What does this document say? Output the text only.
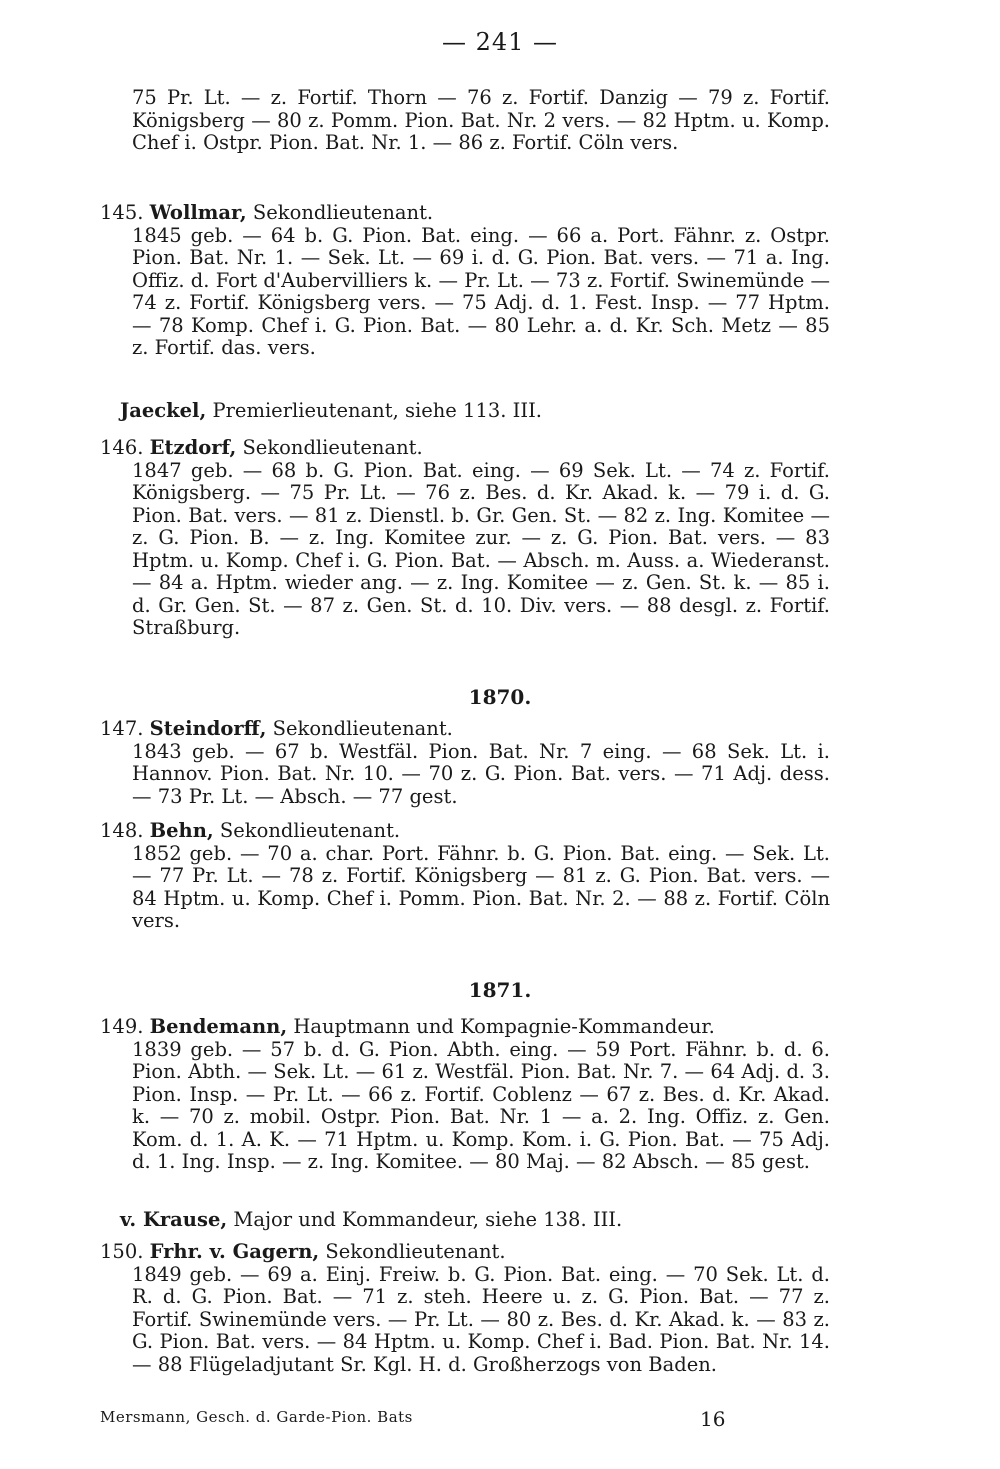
— 241 —
75 Pr. Lt. — z. Fortif. Thorn — 76 z. Fortif. Danzig — 79 z. Fortif. Königsberg — 80 z. Pomm. Pion. Bat. Nr. 2 vers. — 82 Hptm. u. Komp. Chef i. Ostpr. Pion. Bat. Nr. 1. — 86 z. Fortif. Cöln vers.
145. Wollmar, Sekondlieutenant.
1845 geb. — 64 b. G. Pion. Bat. eing. — 66 a. Port. Fähnr. z. Ostpr. Pion. Bat. Nr. 1. — Sek. Lt. — 69 i. d. G. Pion. Bat. vers. — 71 a. Ing. Offiz. d. Fort d'Aubervilliers k. — Pr. Lt. — 73 z. Fortif. Swinemünde — 74 z. Fortif. Königsberg vers. — 75 Adj. d. 1. Fest. Insp. — 77 Hptm. — 78 Komp. Chef i. G. Pion. Bat. — 80 Lehr. a. d. Kr. Sch. Metz — 85 z. Fortif. das. vers.
Jaeckel, Premierlieutenant, siehe 113. III.
146. Etzdorf, Sekondlieutenant.
1847 geb. — 68 b. G. Pion. Bat. eing. — 69 Sek. Lt. — 74 z. Fortif. Königsberg. — 75 Pr. Lt. — 76 z. Bes. d. Kr. Akad. k. — 79 i. d. G. Pion. Bat. vers. — 81 z. Dienstl. b. Gr. Gen. St. — 82 z. Ing. Komitee — z. G. Pion. B. — z. Ing. Komitee zur. — z. G. Pion. Bat. vers. — 83 Hptm. u. Komp. Chef i. G. Pion. Bat. — Absch. m. Auss. a. Wiederanst. — 84 a. Hptm. wieder ang. — z. Ing. Komitee — z. Gen. St. k. — 85 i. d. Gr. Gen. St. — 87 z. Gen. St. d. 10. Div. vers. — 88 desgl. z. Fortif. Straßburg.
1870.
147. Steindorff, Sekondlieutenant.
1843 geb. — 67 b. Westfäl. Pion. Bat. Nr. 7 eing. — 68 Sek. Lt. i. Hannov. Pion. Bat. Nr. 10. — 70 z. G. Pion. Bat. vers. — 71 Adj. dess. — 73 Pr. Lt. — Absch. — 77 gest.
148. Behn, Sekondlieutenant.
1852 geb. — 70 a. char. Port. Fähnr. b. G. Pion. Bat. eing. — Sek. Lt. — 77 Pr. Lt. — 78 z. Fortif. Königsberg — 81 z. G. Pion. Bat. vers. — 84 Hptm. u. Komp. Chef i. Pomm. Pion. Bat. Nr. 2. — 88 z. Fortif. Cöln vers.
1871.
149. Bendemann, Hauptmann und Kompagnie-Kommandeur.
1839 geb. — 57 b. d. G. Pion. Abth. eing. — 59 Port. Fähnr. b. d. 6. Pion. Abth. — Sek. Lt. — 61 z. Westfäl. Pion. Bat. Nr. 7. — 64 Adj. d. 3. Pion. Insp. — Pr. Lt. — 66 z. Fortif. Coblenz — 67 z. Bes. d. Kr. Akad. k. — 70 z. mobil. Ostpr. Pion. Bat. Nr. 1 — a. 2. Ing. Offiz. z. Gen. Kom. d. 1. A. K. — 71 Hptm. u. Komp. Kom. i. G. Pion. Bat. — 75 Adj. d. 1. Ing. Insp. — z. Ing. Komitee. — 80 Maj. — 82 Absch. — 85 gest.
v. Krause, Major und Kommandeur, siehe 138. III.
150. Frhr. v. Gagern, Sekondlieutenant.
1849 geb. — 69 a. Einj. Freiw. b. G. Pion. Bat. eing. — 70 Sek. Lt. d. R. d. G. Pion. Bat. — 71 z. steh. Heere u. z. G. Pion. Bat. — 77 z. Fortif. Swinemünde vers. — Pr. Lt. — 80 z. Bes. d. Kr. Akad. k. — 83 z. G. Pion. Bat. vers. — 84 Hptm. u. Komp. Chef i. Bad. Pion. Bat. Nr. 14. — 88 Flügeladjutant Sr. Kgl. H. d. Großherzogs von Baden.
Mersmann, Gesch. d. Garde-Pion. Bats	16
